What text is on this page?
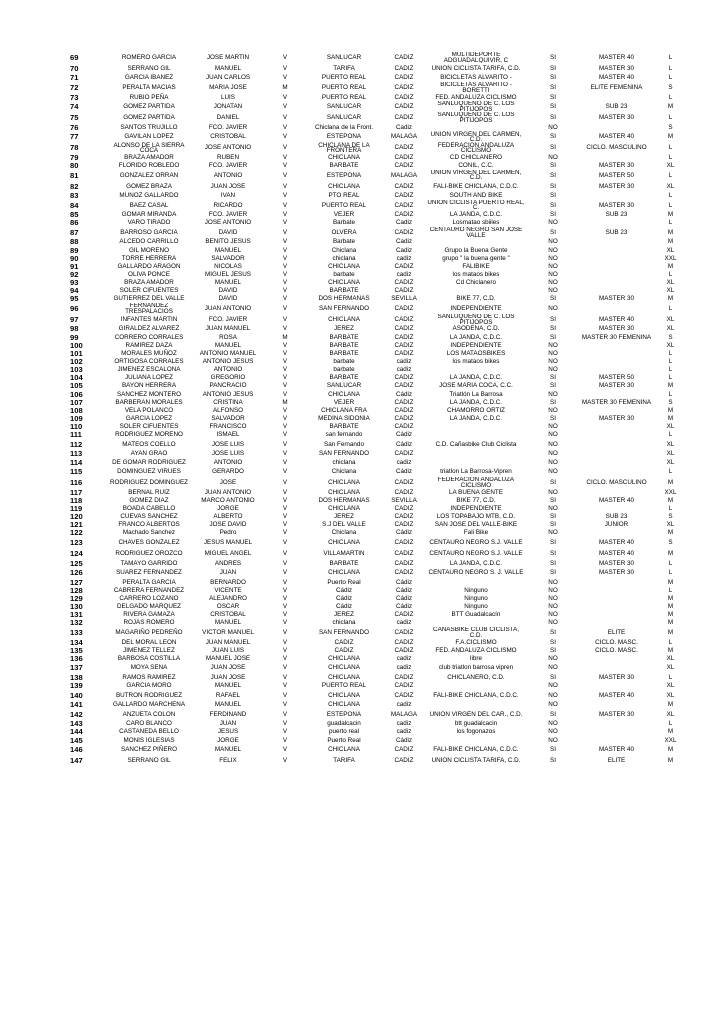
69	ROMERO GARCIA	JOSE MARTIN	V	SANLUCAR	CADIZ	MULTIDEPORTE ADGUADALQUIVIR, C	SI	MASTER 40	L
70	SERRANO GIL	MANUEL	V	TARIFA	CADIZ	UNION CICLISTA TARIFA, C.D.	SI	MASTER 30	L
71	GARCIA IBAÑEZ	JUAN CARLOS	V	PUERTO REAL	CADIZ	BICICLETAS ALVARITO -	SI	MASTER 40	L
72	PERALTA MACIAS	MARIA JOSE	M	PUERTO REAL	CADIZ	BICICLETAS ALVARITO - BORETTI	SI	ELITE FEMENINA	S
73	RUBIO PEÑA	LUIS	V	PUERTO REAL	CADIZ	FED. ANDALUZA CICLISMO	SI		L
74	GOMEZ PARTIDA	JONATAN	V	SANLUCAR	CADIZ	SANLUQUEÑO DE C. LOS PITIJOPOS	SI	SUB 23	M
75	GOMEZ PARTIDA	DANIEL	V	SANLUCAR	CADIZ	SANLUQUEÑO DE C. LOS PITIJOPOS	SI	MASTER 30	L
76	SANTOS TRUJILLO	FCO. JAVIER	V	Chiclana de la Front.	Cadiz		NO		S
77	GAVILAN LOPEZ	CRISTOBAL	V	ESTEPONA	MALAGA	UNION VIRGEN DEL CARMEN, C.D.	SI	MASTER 40	M
78	ALONSO DE LA SIERRA COCA	JOSE ANTONIO	V	CHICLANA DE LA FRONTERA	CADIZ	FEDERACION ANDALUZA CICLISMO	SI	CICLO. MASCULINO	L
79	BRAZA AMADOR	RUBEN	V	CHICLANA	CADIZ	CD CHICLANERO	NO		L
80	FLORIDO ROBLEDO	FCO. JAVIER	V	BARBATE	CADIZ	CONIL, C.C.	SI	MASTER 30	XL
81	GONZALEZ ORRAN	ANTONIO	V	ESTEPONA	MALAGA	UNION VIRGEN DEL CARMEN, C.D.	SI	MASTER 50	L
82	GOMEZ BRAZA	JUAN JOSE	V	CHICLANA	CADIZ	FALI-BIKE CHICLANA, C.D.C.	SI	MASTER 30	XL
83	MUÑOZ GALLARDO	IVAN	V	PTO REAL	CADIZ	SOUTH AND BIKE	SI		L
84	BAEZ CASAL	RICARDO	V	PUERTO REAL	CADIZ	UNION CICLISTA PUERTO REAL, C.	SI	MASTER 30	L
85	GOMAR MIRANDA	FCO. JAVIER	V	VEJER	CADIZ	LA JANDA, C.D.C.	SI	SUB 23	M
86	VARO TIRADO	JOSE ANTONIO	V	Barbate	Cadiz	Losmatao sbiiles	NO		L
87	BARROSO GARCIA	DAVID	V	OLVERA	CADIZ	CENTAURO NEGRO SAN JOSE VALLE	SI	SUB 23	M
88	ALCEDO CARRILLO	BENITO JESUS	V	Barbate	Cadiz		NO		M
89	GIL MORENO	MANUEL	V	Chiclana	Cadiz	Grupo la Buena Gente	NO		XL
90	TORRE HERRERA	SALVADOR	V	chiclana	cadiz	grupo " la buena gente "	NO		XXL
91	GALLARDO ARAGON	NICOLAS	V	CHICLANA	CADIZ	FALIBIKE	NO		M
92	OLIVA PONCE	MIGUEL JESUS	V	barbate	cadiz	los mataos bikes	NO		L
93	BRAZA AMADOR	MANUEL	V	CHICLANA	CADIZ	Cd Chiclanero	NO		XL
94	SOLER CIFUENTES	DAVID	V	BARBATE	CADIZ		NO		XL
95	GUTIERREZ DEL VALLE	DAVID	V	DOS HERMANAS	SEVILLA	BIKE 77, C.D.	SI	MASTER 30	M
96	FERNANDEZ TRESPALACIOS	JUAN ANTONIO	V	SAN FERNANDO	CADIZ	INDEPENDIENTE	NO		L
97	INFANTES MARTIN	FCO. JAVIER	V	CHICLANA	CADIZ	SANLUQUEÑO DE C. LOS PITIJOPOS	SI	MASTER 40	XL
98	GIRALDEZ ALVAREZ	JUAN MANUEL	V	JEREZ	CADIZ	ASODENA, C.D.	SI	MASTER 30	XL
99	CORRERO CORRALES	ROSA	M	BARBATE	CADIZ	LA JANDA, C.D.C.	SI	MASTER 30 FEMENINA	S
100	RAMIREZ DAZA	MANUEL	V	BARBATE	CADIZ	INDEPENDIENTE	NO		XL
101	MORALES MUÑOZ	ANTONIO MANUEL	V	BARBATE	CADIZ	LOS MATAOSBIKES	NO		L
102	ORTIGOSA CORRALES	ANTONIO JESUS	V	barbate	cadiz	los mataos bikes	NO		L
103	JIMENEZ ESCALONA	ANTONIO	V	barbate	cadiz		NO		L
104	JULIANA LOPEZ	GREGORIO	V	BARBATE	CADIZ	LA JANDA, C.D.C.	SI	MASTER 50	L
105	BAYON HERRERA	PANCRACIO	V	SANLUCAR	CADIZ	JOSE MARIA COCA, C.C.	SI	MASTER 30	M
106	SANCHEZ MONTERO	ANTONIO JESUS	V	CHICLANA	Cádiz	Triatlón La Barrosa	NO		L
107	BARBERAN MORALES	CRISTINA	M	VEJER	CADIZ	LA JANDA, C.D.C.	SI	MASTER 30 FEMENINA	S
108	VELA POLANCO	ALFONSO	V	CHICLANA FRA	CADIZ	CHAMORRO ORTIZ	NO		M
109	GARCIA LOPEZ	SALVADOR	V	MEDINA SIDONIA	CADIZ	LA JANDA, C.D.C.	SI	MASTER 30	M
110	SOLER CIFUENTES	FRANCISCO	V	BARBATE	CADIZ		NO		XL
111	RODRIGUEZ MORENO	ISMAEL	V	san fernando	Cádiz		NO		L
112	MATEOS COELLO	JOSE LUIS	V	San Fernando	Cádiz	C.D. Cañasbike Club Ciclista	NO		XL
113	AYAN GRAO	JOSE LUIS	V	SAN FERNANDO	CADIZ		NO		XL
114	DE GOMAR RODRIGUEZ	ANTONIO	V	chiclana	cadiz		NO		XL
115	DOMINGUEZ VIRUES	GERARDO	V	Chiclana	Cádiz	triatlon La Barrosa-Vipren	NO		L
116	RODRIGUEZ DOMINGUEZ	JOSE	V	CHICLANA	CADIZ	FEDERACION ANDALUZA CICLISMO	SI	CICLO. MASCULINO	M
117	BERNAL RUIZ	JUAN ANTONIO	V	CHICLANA	CADIZ	LA BUENA GENTE	NO		XXL
118	GOMEZ DIAZ	MARCO ANTONIO	V	DOS HERMANAS	SEVILLA	BIKE 77, C.D.	SI	MASTER 40	M
119	BOADA CABELLO	JORGE	V	CHICLANA	CADIZ	INDEPENDIENTE	NO		L
120	CUEVAS SANCHEZ	ALBERTO	V	JEREZ	CADIZ	LOS TOPABAJO MTB, C.D.	SI	SUB 23	S
121	FRANCO ALBERTOS	JOSE DAVID	V	S.J DEL VALLE	CADIZ	SAN JOSE DEL VALLE-BIKE	SI	JUNIOR	XL
122	Machado Sanchez	Pedro	V	Chiclana	Cádiz	Fali Bike	NO		M
123	CHAVES GONZALEZ	JESUS MANUEL	V	CHICLANA	CADIZ	CENTAURO NEGRO S.J. VALLE	SI	MASTER 40	S
124	RODRIGUEZ OROZCO	MIGUEL ANGEL	V	VILLAMARTIN	CADIZ	CENTAURO NEGRO S.J. VALLE	SI	MASTER 40	M
125	TAMAYO GARRIDO	ANDRES	V	BARBATE	CADIZ	LA JANDA, C.D.C.	SI	MASTER 30	L
126	SUAREZ FERNANDEZ	JUAN	V	CHICLANA	CADIZ	CENTAURO NEGRO S. J. VALLE	SI	MASTER 30	L
127	PERALTA GARCIA	BERNARDO	V	Puerto Real	Cádiz		NO		M
128	CABRERA FERNANDEZ	VICENTE	V	Cádiz	Cádiz	Ninguno	NO		L
129	CARRERO LOZANO	ALEJANDRO	V	Cádiz	Cádiz	Ninguno	NO		M
130	DELGADO MARQUEZ	OSCAR	V	Cádiz	Cádiz	Ninguno	NO		M
131	RIVERA GAMAZA	CRISTOBAL	V	JEREZ	CADIZ	BTT Guadalcacín	NO		M
132	ROJAS ROMERO	MANUEL	V	chiclana	cadiz		NO		M
133	MAGARIÑO PEDREÑO	VICTOR MANUEL	V	SAN FERNANDO	CADIZ	CAÑASBIKE CLUB CICLISTA, C.D.	SI	ELITE	M
134	DEL MORAL LEON	JUAN MANUEL	V	CADIZ	CADIZ	F.A.CICLISMO	SI	CICLO. MASC.	L
135	JIMENEZ TELLEZ	JUAN LUIS	V	CADIZ	CADIZ	FED. ANDALUZA CICLISMO	SI	CICLO. MASC.	M
136	BARBOSA COSTILLA	MANUEL JOSE	V	CHICLANA	cadiz	libre	NO		XL
137	MOYA SENA	JUAN JOSE	V	CHICLANA	cadiz	club triatlon barrosa vipren	NO		XL
138	RAMOS RAMIREZ	JUAN JOSE	V	CHICLANA	CADIZ	CHICLANERO, C.D.	SI	MASTER 30	L
139	GARCIA MORO	MANUEL	V	PUERTO REAL	CADIZ		NO		XL
140	BUTRON RODRIGUEZ	RAFAEL	V	CHICLANA	CADIZ	FALI-BIKE CHICLANA, C.D.C.	NO	MASTER 40	XL
141	GALLARDO MARCHENA	MANUEL	V	CHICLANA	cadiz		NO		M
142	ANZUETA COLON	FERDINAND	V	ESTEPONA	MALAGA	UNION VIRGEN DEL CAR., C.D.	SI	MASTER 30	XL
143	CARO BLANCO	JUAN	V	guadalcacin	cadiz	btt guadalcacin	NO		L
144	CASTAÑEDA BELLO	JESUS	V	puerto real	cadiz	los fogonazos	NO		M
145	MONIS IGLESIAS	JORGE	V	Puerto Real	Cádiz		NO		XXL
146	SANCHEZ PIÑERO	MANUEL	V	CHICLANA	CADIZ	FALI-BIKE CHICLANA, C.D.C.	SI	MASTER 40	M
147	SERRANO GIL	FELIX	V	TARIFA	CADIZ	UNION CICLISTA TARIFA, C.D.	SI	ELITE	M
